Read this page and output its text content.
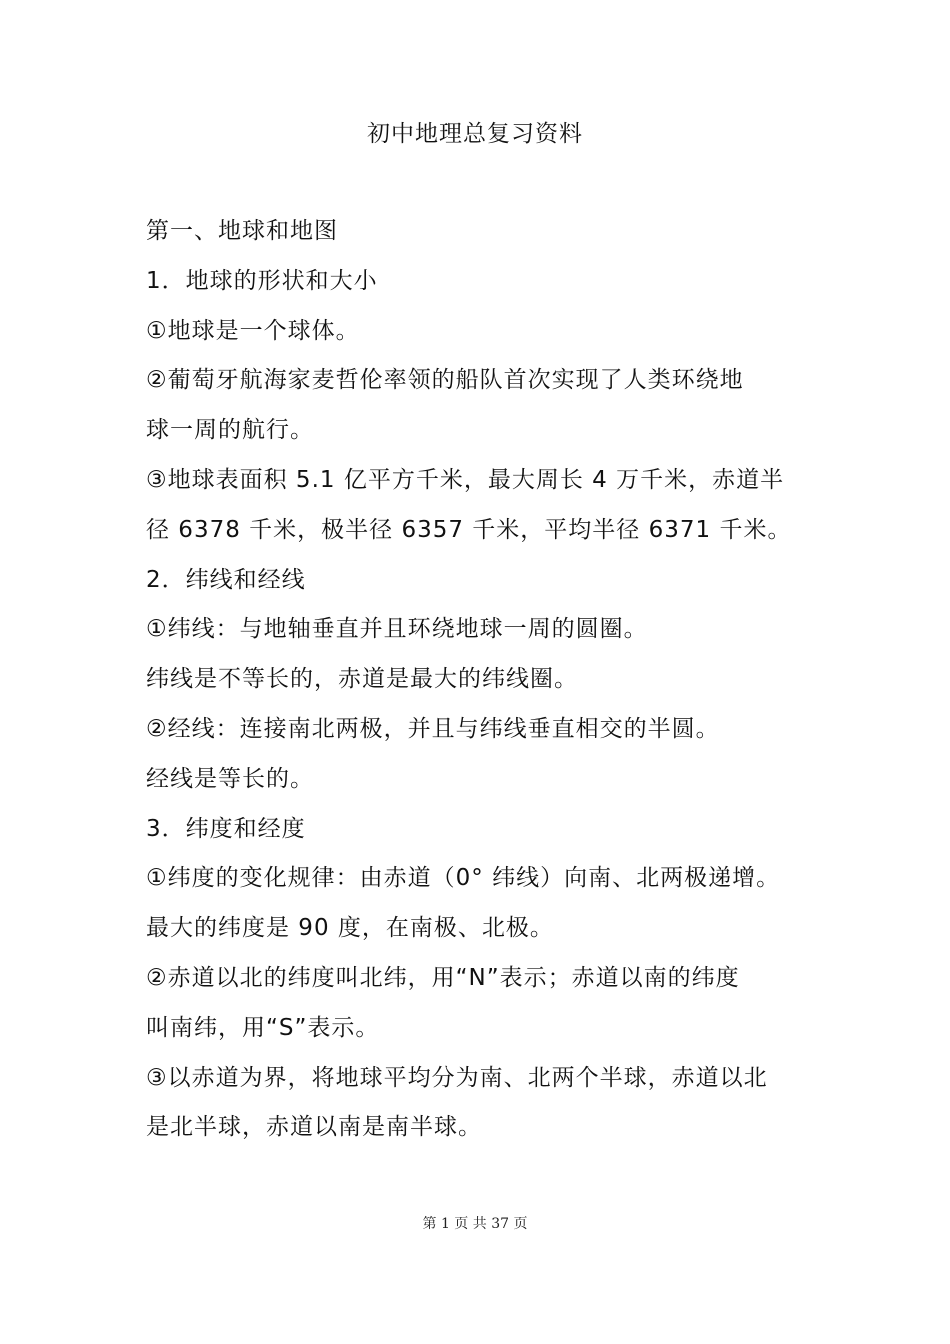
初中地理总复习资料
第一、地球和地图
1．地球的形状和大小
①地球是一个球体。
②葡萄牙航海家麦哲伦率领的船队首次实现了人类环绕地
球一周的航行。
③地球表面积 5.1 亿平方千米，最大周长 4 万千米，赤道半
径 6378 千米，极半径 6357 千米，平均半径 6371 千米。
2．纬线和经线
①纬线：与地轴垂直并且环绕地球一周的圆圈。
纬线是不等长的，赤道是最大的纬线圈。
②经线：连接南北两极，并且与纬线垂直相交的半圆。
经线是等长的。
3．纬度和经度
①纬度的变化规律：由赤道（0° 纬线）向南、北两极递增。
最大的纬度是 90 度，在南极、北极。
②赤道以北的纬度叫北纬，用“N”表示；赤道以南的纬度
叫南纬，用“S”表示。
③以赤道为界，将地球平均分为南、北两个半球，赤道以北
是北半球，赤道以南是南半球。
第 1 页 共 37 页
